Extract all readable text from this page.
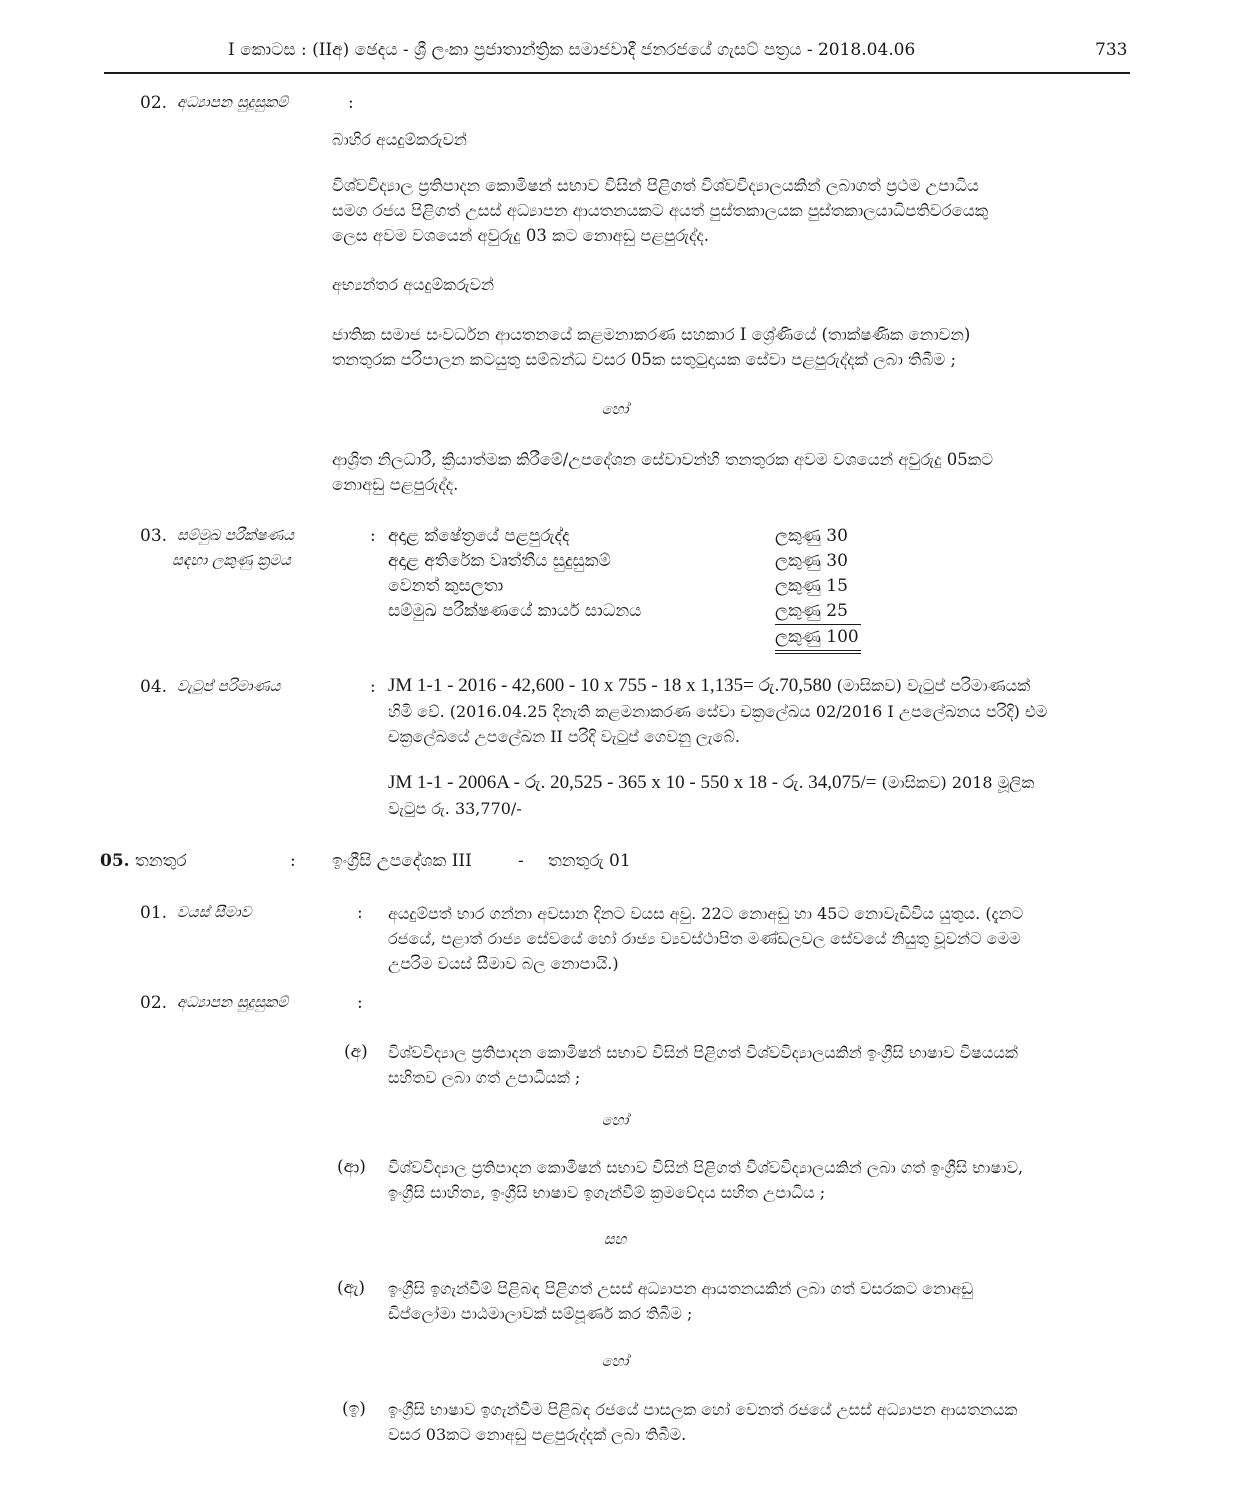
I කොටස : (IIඅ) ඡෙදය - ශ්‍රී ලංකා ප්‍රජාතාන්ත්‍රික සමාජවාදී ජනරජයේ ගැසට් පත්‍රය - 2018.04.06	733
02. අධ්‍යාපන සුදුසුකම්	:
බාහිර අයදුම්කරුවන්
විශ්වවිද්‍යාල ප්‍රතිපාදන කොමිෂන් සභාව විසින් පිළිගත් විශ්වවිද්‍යාලයකින් ලබාගත් ප්‍රථම උපාධිය
සමග රජය පිළිගත් උසස් අධ්‍යාපන ආයතනයකට අයත් පුස්තකාලයක පුස්තකාලයාධිපතිවරයෙකු
ලෙස අවම වශයෙන් අවුරුදු 03 කට නොඅඩු පළපුරුද්ද.
අභ්‍යන්තර අයදුම්කරුවන්
ජාතික සමාජ සංවර්ධන ආයතනයේ කළමනාකරණ සහකාර I ශ්‍රේණියේ (තාක්ෂණික නොවන)
තනතුරක පරිපාලන කටයුතු සම්බන්ධ වසර 05ක සතුටුදායක සේවා පළපුරුද්දක් ලබා තිබීම ;
හෝ
ආශ්‍රිත නිලධාරී, ක්‍රියාත්මක කිරීමේ/උපදේශන සේවාවන්හි තනතුරක අවම වශයෙන් අවුරුදු 05කට
නොඅඩු පළපුරුද්ද.
03. සම්මුඛ පරීක්ෂණය
සඳහා ලකුණු ක්‍රමය
: අදාළ ක්ෂේත්‍රයේ පළපුරුද්ද	ලකුණු 30
අදාළ අතිරේක වෘත්තීය සුදුසුකම්	ලකුණු 30
වෙනත් කුසලතා	ලකුණු 15
සම්මුඛ පරීක්ෂණයේ කාර්ය සාධනය	ලකුණු 25
ලකුණු 100
04. වැටුප් පරිමාණය	: JM 1-1 - 2016 - 42,600 - 10 x 755 - 18 x 1,135= රු.70,580 (මාසිකව) වැටුප් පරිමාණයක්
හිමි වේ. (2016.04.25 දිනැති කළමනාකරණ සේවා චක්‍රලේඛය 02/2016 I උපලේඛනය පරිදි) එම
චක්‍රලේඛයේ උපලේඛන II පරිදි වැටුප් ගෙවනු ලැබේ.
JM 1-1 - 2006A - රු. 20,525 - 365 x 10 - 550 x 18 - රු. 34,075/= (මාසිකව) 2018 මූලික
වැටුප රු. 33,770/-
05. තනතුර	: ඉංග්‍රීසි උපදේශක III	- තනතුරු 01
01. වයස් සීමාව	: අයදුම්පත් භාර ගන්නා අවසාන දිනට වයස අවු. 22ට නොඅඩු හා 45ට නොවැඩිවිය යුතුය. (දැනට
රජයේ, පළාත් රාජ්‍ය සේවයේ හෝ රාජ්‍ය ව්‍යවස්ථාපිත මණ්ඩලවල සේවයේ නියුතු වූවන්ට මෙම
උපරිම වයස් සීමාව බල නොපායි.)
02. අධ්‍යාපන සුදුසුකම්	:
(අ) විශ්වවිද්‍යාල ප්‍රතිපාදන කොමිෂන් සභාව විසින් පිළිගත් විශ්වවිද්‍යාලයකින් ඉංග්‍රීසි භාෂාව විෂයයක්
සහිතව ලබා ගත් උපාධියක් ;
හෝ
(ආ) විශ්වවිද්‍යාල ප්‍රතිපාදන කොමිෂන් සභාව විසින් පිළිගත් විශ්වවිද්‍යාලයකින් ලබා ගත් ඉංග්‍රීසි භාෂාව,
ඉංග්‍රීසි සාහිත්‍ය, ඉංග්‍රීසි භාෂාව ඉගැන්වීම් ක්‍රමවේදය සහිත උපාධිය ;
සහ
(ඇ) ඉංග්‍රීසි ඉගැන්වීම් පිළිබඳ පිළිගත් උසස් අධ්‍යාපන ආයතනයකින් ලබා ගත් වසරකට නොඅඩු
ඩිප්ලෝමා පාඨමාලාවක් සම්පූර්ණ කර තිබීම ;
හෝ
(ඉ) ඉංග්‍රීසි භාෂාව ඉගැන්වීම පිළිබඳ රජයේ පාසලක හෝ වෙනත් රජයේ උසස් අධ්‍යාපන ආයතනයක
වසර 03කට නොඅඩු පළපුරුද්දක් ලබා තිබීම.
